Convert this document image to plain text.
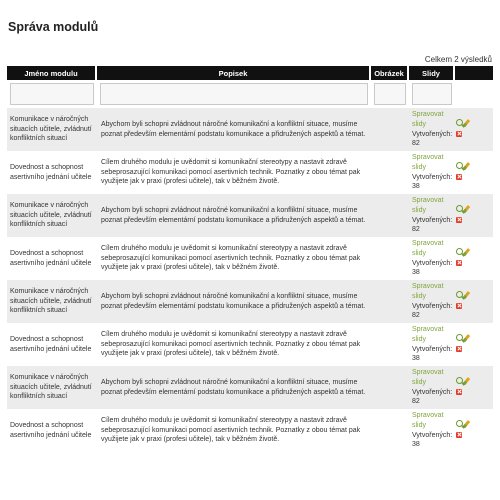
Správa modulů
Celkem 2 výsledků
Jméno modulu	Popisek	Obrázek	Slidy	

Komunikace v náročných situacích učitele, zvládnutí konfliktních situací	Abychom byli schopni zvládnout náročné komunikační a konfliktní situace, musíme poznat především elementární podstatu komunikace a přidružených aspektů a témat.		Spravovat slidy
Vytvořených: 82	

Dovednost a schopnost asertivního jednání učitele	Cílem druhého modulu je uvědomit si komunikační stereotypy a nastavit zdravě sebeprosazující komunikaci pomocí asertivních technik. Poznatky z obou témat pak využijete jak v praxi (profesi učitele), tak v běžném životě.		Spravovat slidy
Vytvořených: 38	

Komunikace v náročných situacích učitele, zvládnutí konfliktních situací	Abychom byli schopni zvládnout náročné komunikační a konfliktní situace, musíme poznat především elementární podstatu komunikace a přidružených aspektů a témat.		Spravovat slidy
Vytvořených: 82	

Dovednost a schopnost asertivního jednání učitele	Cílem druhého modulu je uvědomit si komunikační stereotypy a nastavit zdravě sebeprosazující komunikaci pomocí asertivních technik. Poznatky z obou témat pak využijete jak v praxi (profesi učitele), tak v běžném životě.		Spravovat slidy
Vytvořených: 38	

Komunikace v náročných situacích učitele, zvládnutí konfliktních situací	Abychom byli schopni zvládnout náročné komunikační a konfliktní situace, musíme poznat především elementární podstatu komunikace a přidružených aspektů a témat.		Spravovat slidy
Vytvořených: 82	

Dovednost a schopnost asertivního jednání učitele	Cílem druhého modulu je uvědomit si komunikační stereotypy a nastavit zdravě sebeprosazující komunikaci pomocí asertivních technik. Poznatky z obou témat pak využijete jak v praxi (profesi učitele), tak v běžném životě.		Spravovat slidy
Vytvořených: 38	

Komunikace v náročných situacích učitele, zvládnutí konfliktních situací	Abychom byli schopni zvládnout náročné komunikační a konfliktní situace, musíme poznat především elementární podstatu komunikace a přidružených aspektů a témat.		Spravovat slidy
Vytvořených: 82	

Dovednost a schopnost asertivního jednání učitele	Cílem druhého modulu je uvědomit si komunikační stereotypy a nastavit zdravě sebeprosazující komunikaci pomocí asertivních technik. Poznatky z obou témat pak využijete jak v praxi (profesi učitele), tak v běžném životě.		Spravovat slidy
Vytvořených: 38	
